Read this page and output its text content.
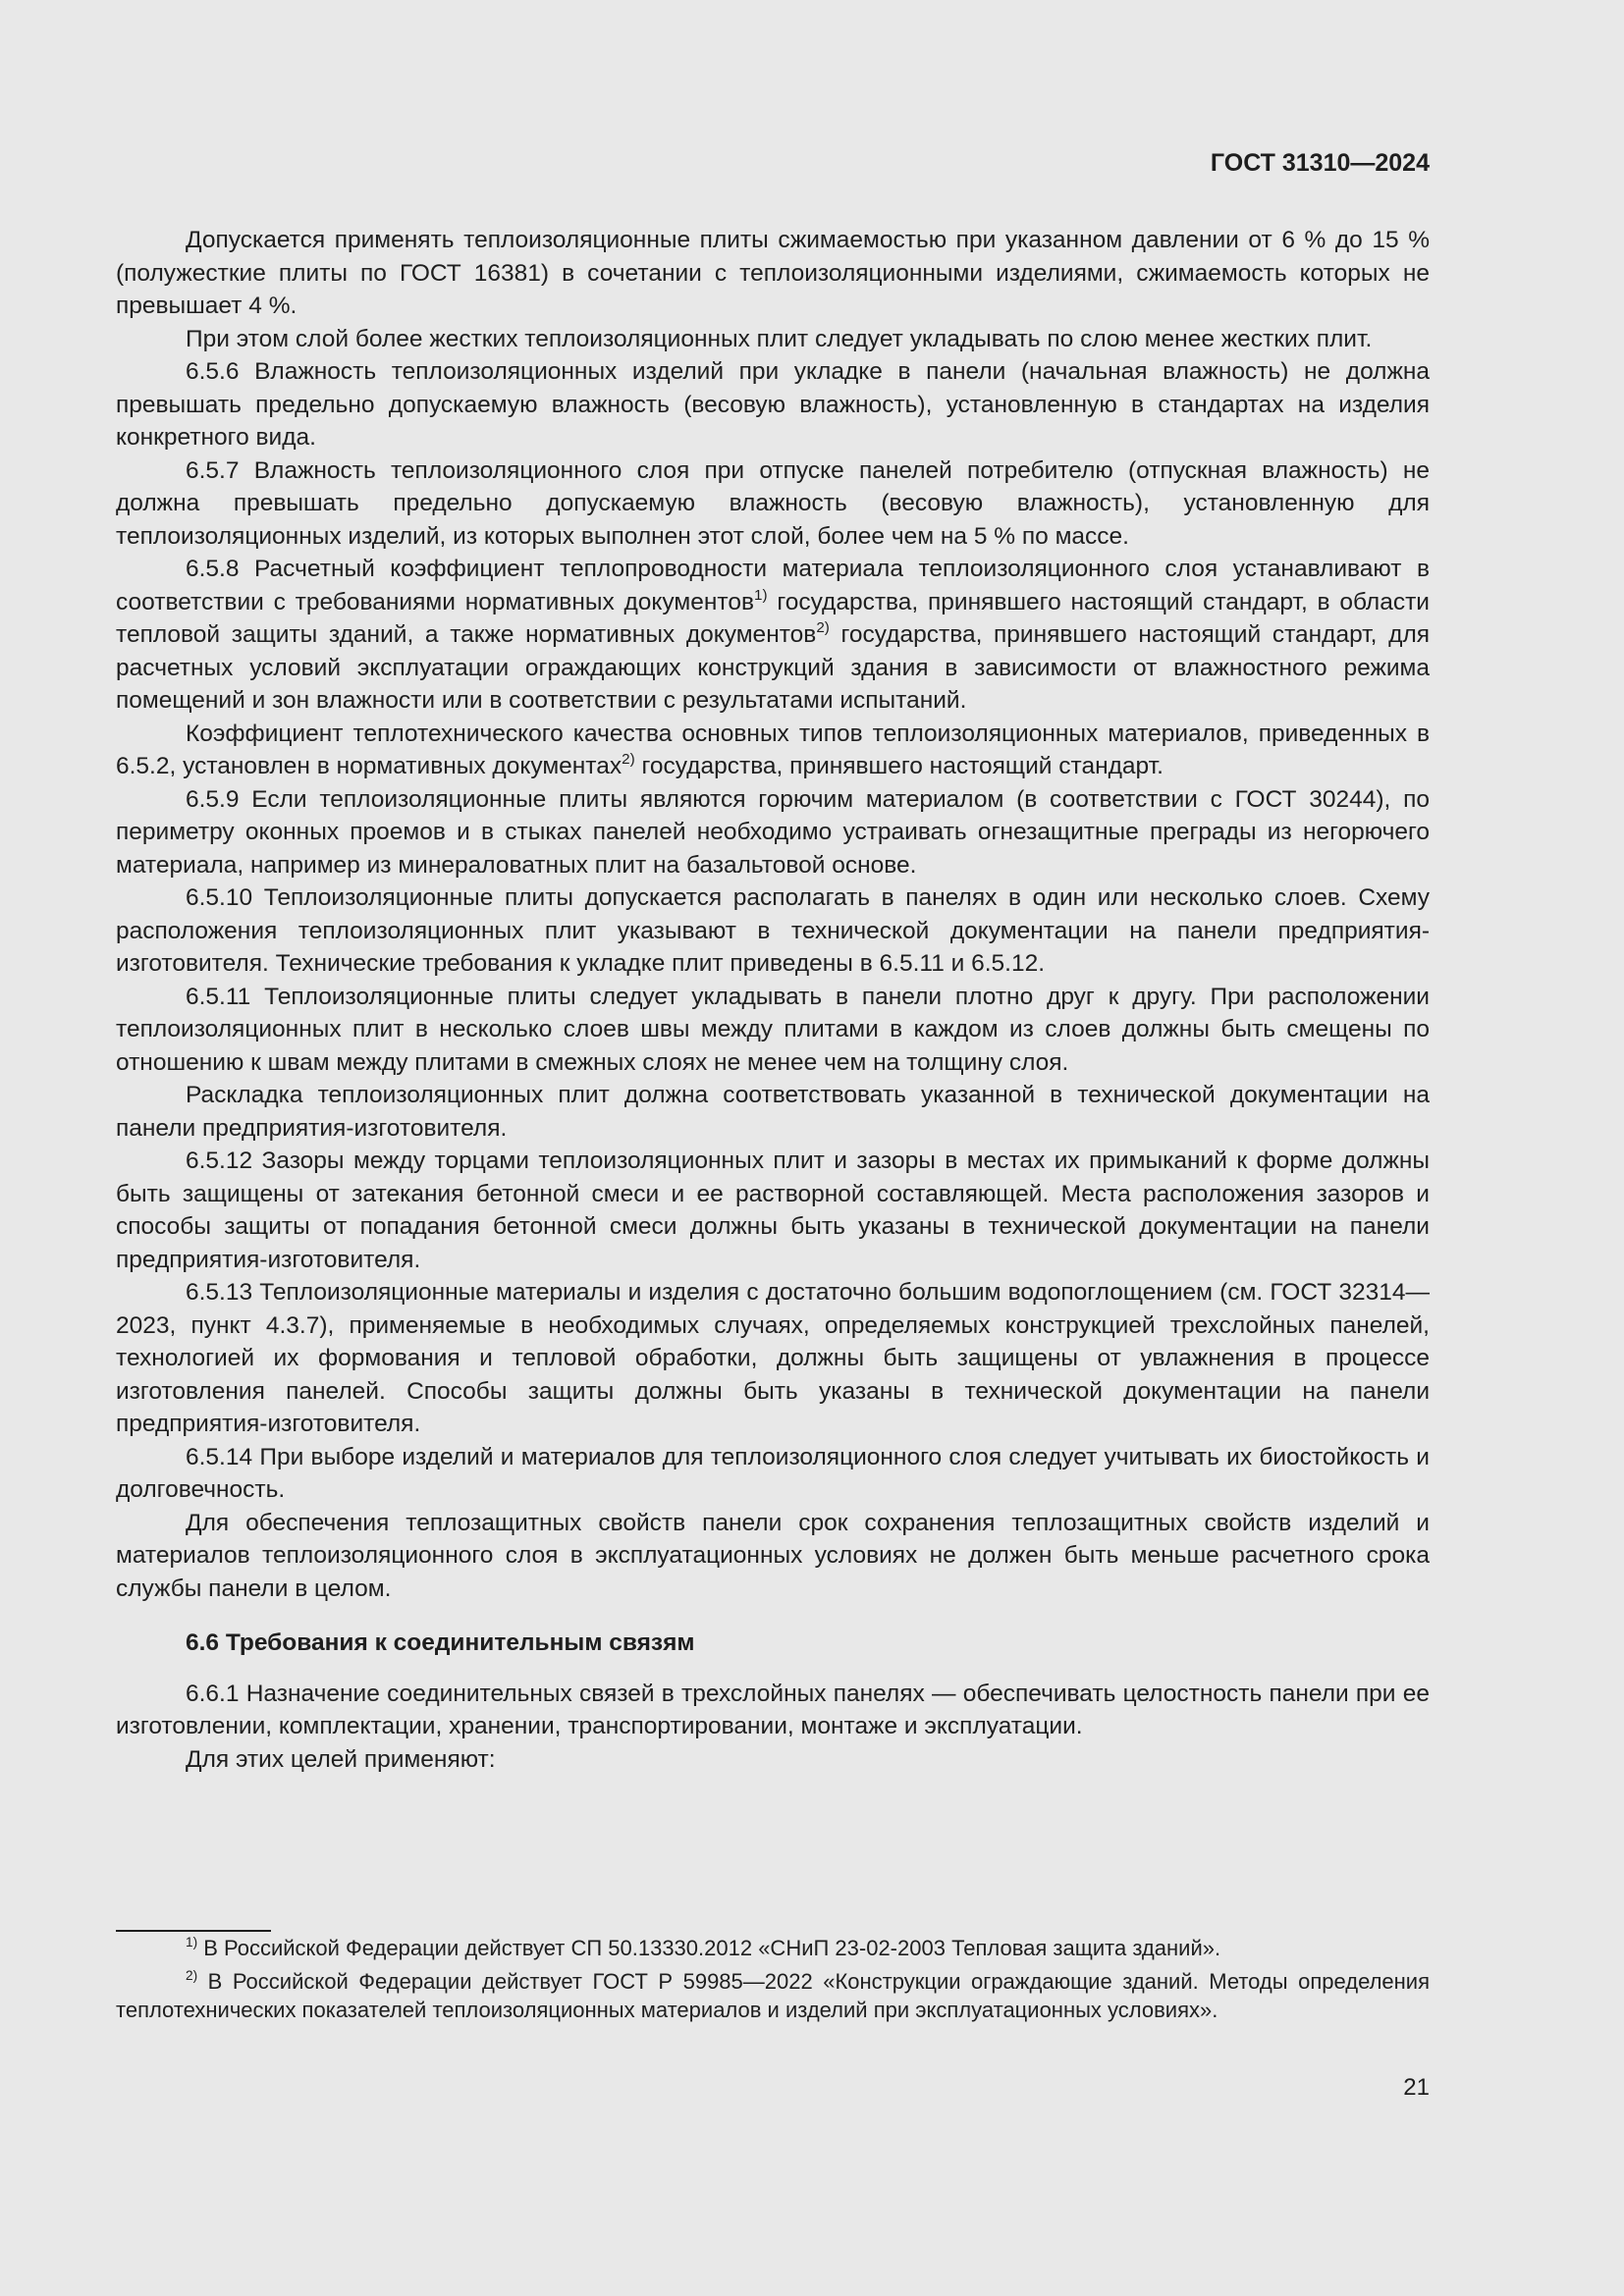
ГОСТ 31310—2024

Допускается применять теплоизоляционные плиты сжимаемостью при указанном давлении от 6 % до 15 % (полужесткие плиты по ГОСТ 16381) в сочетании с теплоизоляционными изделиями, сжимаемость которых не превышает 4 %.

При этом слой более жестких теплоизоляционных плит следует укладывать по слою менее жестких плит.

6.5.6 Влажность теплоизоляционных изделий при укладке в панели (начальная влажность) не должна превышать предельно допускаемую влажность (весовую влажность), установленную в стандартах на изделия конкретного вида.

6.5.7 Влажность теплоизоляционного слоя при отпуске панелей потребителю (отпускная влажность) не должна превышать предельно допускаемую влажность (весовую влажность), установленную для теплоизоляционных изделий, из которых выполнен этот слой, более чем на 5 % по массе.

6.5.8 Расчетный коэффициент теплопроводности материала теплоизоляционного слоя устанавливают в соответствии с требованиями нормативных документов$^{1)}$ государства, принявшего настоящий стандарт, в области тепловой защиты зданий, а также нормативных документов$^{2)}$ государства, принявшего настоящий стандарт, для расчетных условий эксплуатации ограждающих конструкций здания в зависимости от влажностного режима помещений и зон влажности или в соответствии с результатами испытаний.

Коэффициент теплотехнического качества основных типов теплоизоляционных материалов, приведенных в 6.5.2, установлен в нормативных документах$^{2)}$ государства, принявшего настоящий стандарт.

6.5.9 Если теплоизоляционные плиты являются горючим материалом (в соответствии с ГОСТ 30244), по периметру оконных проемов и в стыках панелей необходимо устраивать огнезащитные преграды из негорючего материала, например из минераловатных плит на базальтовой основе.

6.5.10 Теплоизоляционные плиты допускается располагать в панелях в один или несколько слоев. Схему расположения теплоизоляционных плит указывают в технической документации на панели предприятия-изготовителя. Технические требования к укладке плит приведены в 6.5.11 и 6.5.12.

6.5.11 Теплоизоляционные плиты следует укладывать в панели плотно друг к другу. При расположении теплоизоляционных плит в несколько слоев швы между плитами в каждом из слоев должны быть смещены по отношению к швам между плитами в смежных слоях не менее чем на толщину слоя.

Раскладка теплоизоляционных плит должна соответствовать указанной в технической документации на панели предприятия-изготовителя.

6.5.12 Зазоры между торцами теплоизоляционных плит и зазоры в местах их примыканий к форме должны быть защищены от затекания бетонной смеси и ее растворной составляющей. Места расположения зазоров и способы защиты от попадания бетонной смеси должны быть указаны в технической документации на панели предприятия-изготовителя.

6.5.13 Теплоизоляционные материалы и изделия с достаточно большим водопоглощением (см. ГОСТ 32314—2023, пункт 4.3.7), применяемые в необходимых случаях, определяемых конструкцией трехслойных панелей, технологией их формования и тепловой обработки, должны быть защищены от увлажнения в процессе изготовления панелей. Способы защиты должны быть указаны в технической документации на панели предприятия-изготовителя.

6.5.14 При выборе изделий и материалов для теплоизоляционного слоя следует учитывать их биостойкость и долговечность.

Для обеспечения теплозащитных свойств панели срок сохранения теплозащитных свойств изделий и материалов теплоизоляционного слоя в эксплуатационных условиях не должен быть меньше расчетного срока службы панели в целом.

6.6 Требования к соединительным связям

6.6.1 Назначение соединительных связей в трехслойных панелях — обеспечивать целостность панели при ее изготовлении, комплектации, хранении, транспортировании, монтаже и эксплуатации.

Для этих целей применяют:

$^{1)}$ В Российской Федерации действует СП 50.13330.2012 «СНиП 23-02-2003 Тепловая защита зданий».

$^{2)}$ В Российской Федерации действует ГОСТ Р 59985—2022 «Конструкции ограждающие зданий. Методы определения теплотехнических показателей теплоизоляционных материалов и изделий при эксплуатационных условиях».

21
